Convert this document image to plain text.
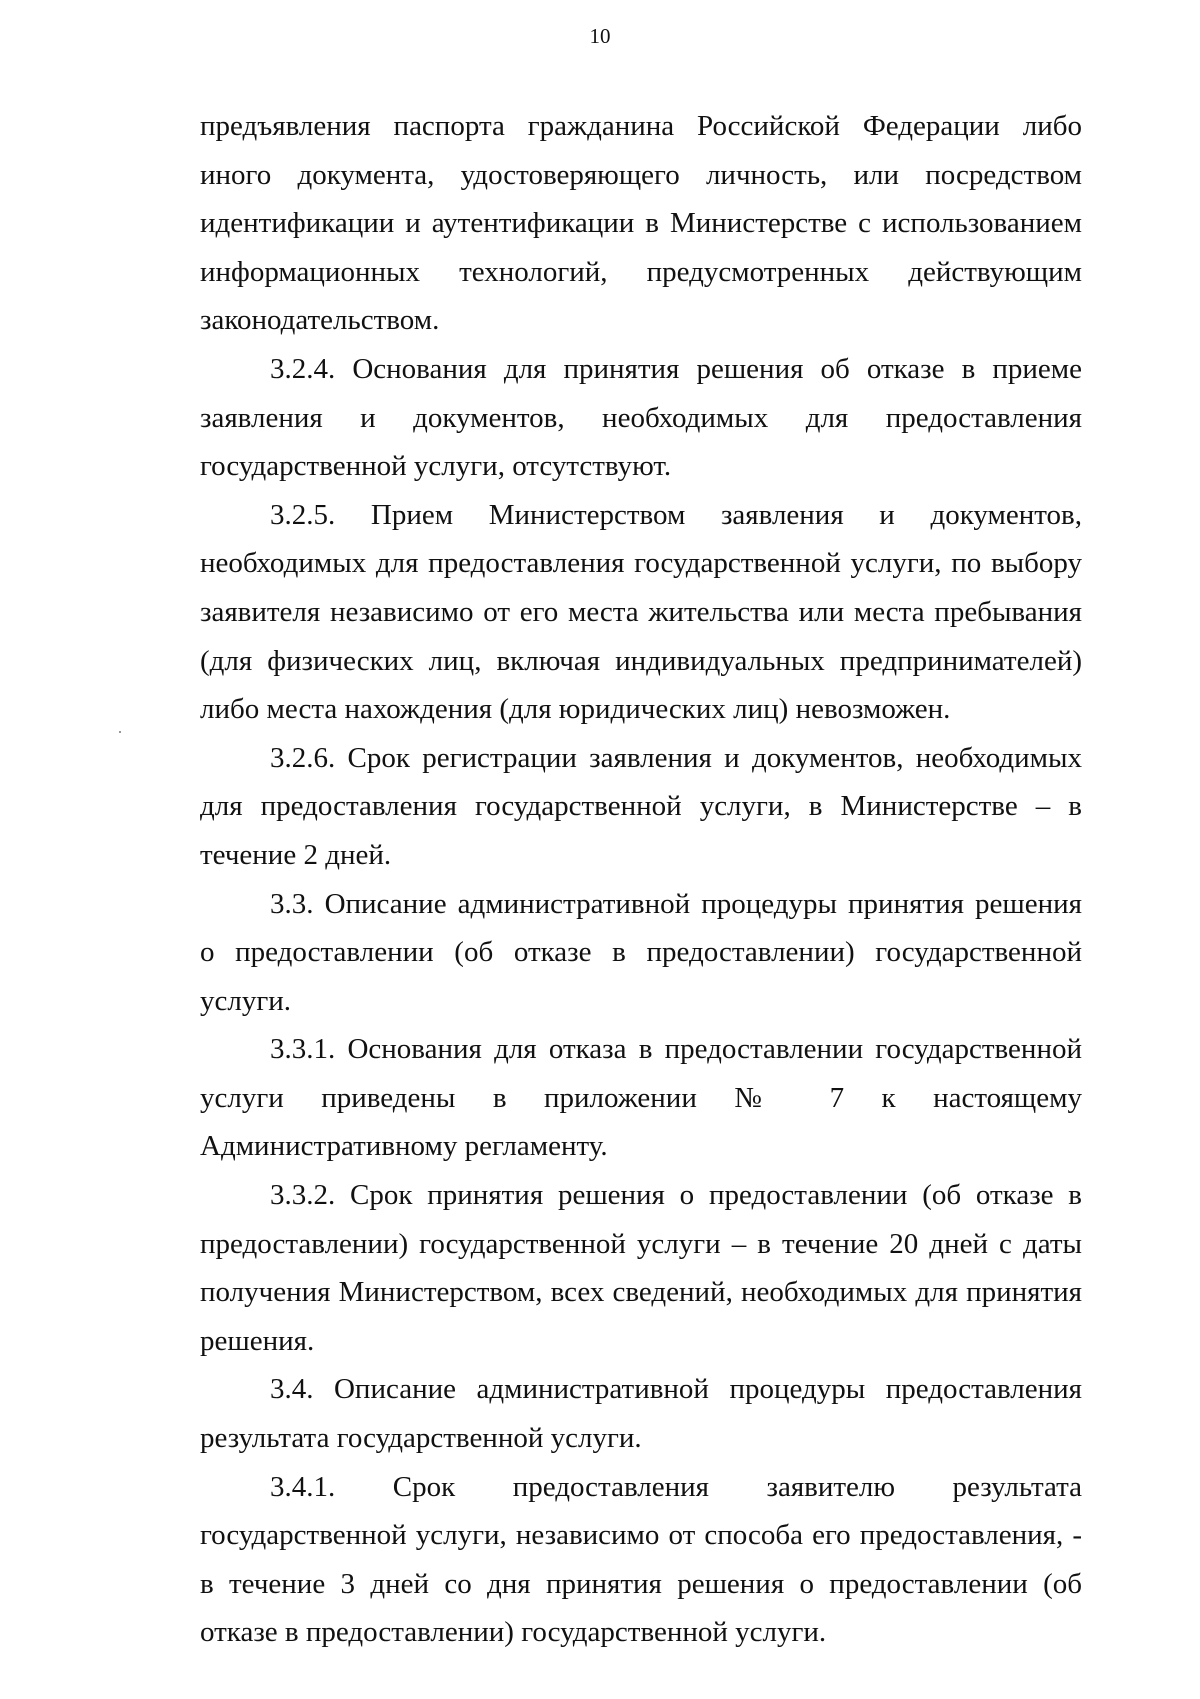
10

предъявления паспорта гражданина Российской Федерации либо иного документа, удостоверяющего личность, или посредством идентификации и аутентификации в Министерстве с использованием информационных технологий, предусмотренных действующим законодательством.

3.2.4. Основания для принятия решения об отказе в приеме заявления и документов, необходимых для предоставления государственной услуги, отсутствуют.

3.2.5. Прием Министерством заявления и документов, необходимых для предоставления государственной услуги, по выбору заявителя независимо от его места жительства или места пребывания (для физических лиц, включая индивидуальных предпринимателей) либо места нахождения (для юридических лиц) невозможен.

3.2.6. Срок регистрации заявления и документов, необходимых для предоставления государственной услуги, в Министерстве – в течение 2 дней.

3.3. Описание административной процедуры принятия решения о предоставлении (об отказе в предоставлении) государственной услуги.

3.3.1. Основания для отказа в предоставлении государственной услуги приведены в приложении № 7 к настоящему Административному регламенту.

3.3.2. Срок принятия решения о предоставлении (об отказе в предоставлении) государственной услуги – в течение 20 дней с даты получения Министерством, всех сведений, необходимых для принятия решения.

3.4. Описание административной процедуры предоставления результата государственной услуги.

3.4.1. Срок предоставления заявителю результата государственной услуги, независимо от способа его предоставления, - в течение 3 дней со дня принятия решения о предоставлении (об отказе в предоставлении) государственной услуги.
